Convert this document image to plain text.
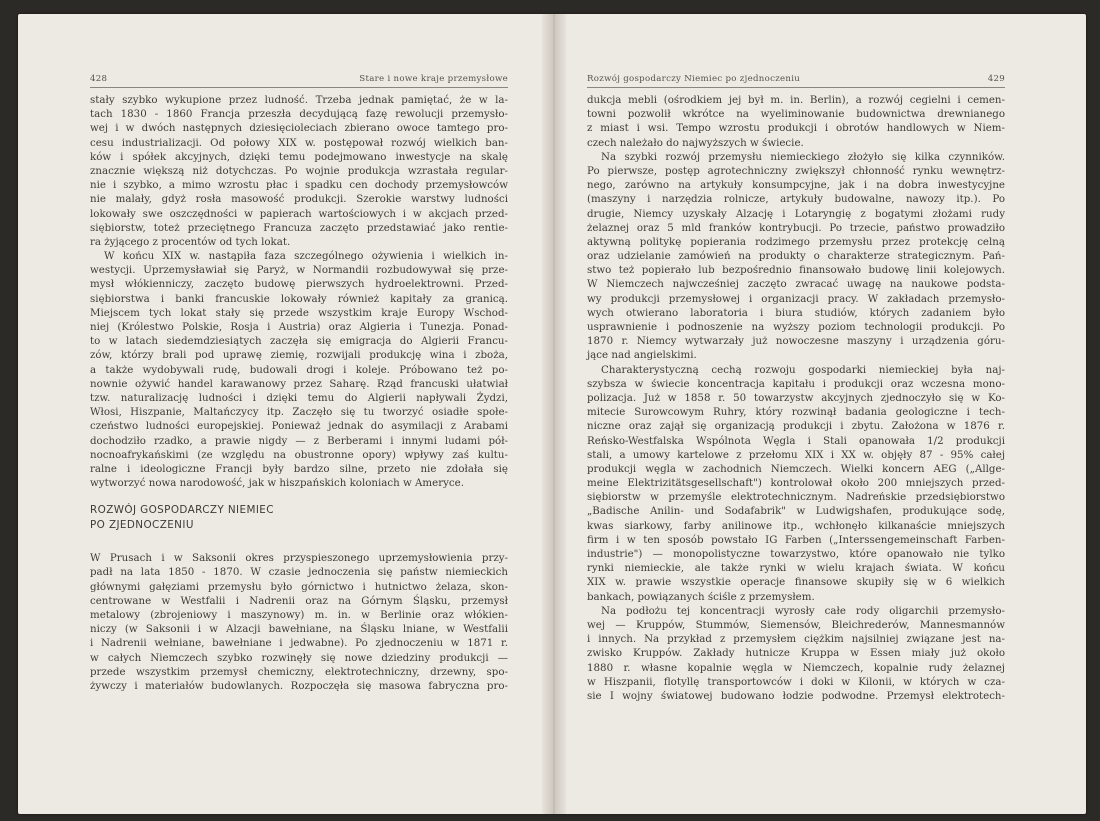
428	Stare i nowe kraje przemysłowe
stały szybko wykupione przez ludność. Trzeba jednak pamiętać, że w la-
tach 1830 - 1860 Francja przeszła decydującą fazę rewolucji przemysło-
wej i w dwóch następnych dziesięcioleciach zbierano owoce tamtego pro-
cesu industrializacji. Od połowy XIX w. postępował rozwój wielkich ban-
ków i spółek akcyjnych, dzięki temu podejmowano inwestycje na skalę
znacznie większą niż dotychczas. Po wojnie produkcja wzrastała regular-
nie i szybko, a mimo wzrostu płac i spadku cen dochody przemysłowców
nie malały, gdyż rosła masowość produkcji. Szerokie warstwy ludności
lokowały swe oszczędności w papierach wartościowych i w akcjach przed-
siębiorstw, toteż przeciętnego Francuza zaczęto przedstawiać jako rentie-
ra żyjącego z procentów od tych lokat.
W końcu XIX w. nastąpiła faza szczególnego ożywienia i wielkich in-
westycji. Uprzemysławiał się Paryż, w Normandii rozbudowywał się prze-
mysł włókienniczy, zaczęto budowę pierwszych hydroelektrowni. Przed-
siębiorstwa i banki francuskie lokowały również kapitały za granicą.
Miejscem tych lokat stały się przede wszystkim kraje Europy Wschod-
niej (Królestwo Polskie, Rosja i Austria) oraz Algieria i Tunezja. Ponad-
to w latach siedemdziesiątych zaczęła się emigracja do Algierii Francu-
zów, którzy brali pod uprawę ziemię, rozwijali produkcję wina i zboża,
a także wydobywali rudę, budowali drogi i koleje. Próbowano też po-
nownie ożywić handel karawanowy przez Saharę. Rząd francuski ułatwiał
tzw. naturalizację ludności i dzięki temu do Algierii napływali Żydzi,
Włosi, Hiszpanie, Maltańczycy itp. Zaczęło się tu tworzyć osiadłe społe-
czeństwo ludności europejskiej. Ponieważ jednak do asymilacji z Arabami
dochodziło rzadko, a prawie nigdy — z Berberami i innymi ludami pół-
nocnoafrykańskimi (ze względu na obustronne opory) wpływy zaś kultu-
ralne i ideologiczne Francji były bardzo silne, przeto nie zdołała się
wytworzyć nowa narodowość, jak w hiszpańskich koloniach w Ameryce.
ROZWÓJ GOSPODARCZY NIEMIEC
PO ZJEDNOCZENIU
W Prusach i w Saksonii okres przyspieszonego uprzemysłowienia przy-
padł na lata 1850 - 1870. W czasie jednoczenia się państw niemieckich
głównymi gałęziami przemysłu było górnictwo i hutnictwo żelaza, skon-
centrowane w Westfalii i Nadrenii oraz na Górnym Śląsku, przemysł
metalowy (zbrojeniowy i maszynowy) m. in. w Berlinie oraz włókien-
niczy (w Saksonii i w Alzacji bawełniane, na Śląsku lniane, w Westfalii
i Nadrenii wełniane, bawełniane i jedwabne). Po zjednoczeniu w 1871 r.
w całych Niemczech szybko rozwinęły się nowe dziedziny produkcji —
przede wszystkim przemysł chemiczny, elektrotechniczny, drzewny, spo-
żywczy i materiałów budowlanych. Rozpoczęła się masowa fabryczna pro-
Rozwój gospodarczy Niemiec po zjednoczeniu	429
dukcja mebli (ośrodkiem jej był m. in. Berlin), a rozwój cegielni i cemen-
towni pozwolił wkrótce na wyeliminowanie budownictwa drewnianego
z miast i wsi. Tempo wzrostu produkcji i obrotów handlowych w Niem-
czech należało do najwyższych w świecie.
Na szybki rozwój przemysłu niemieckiego złożyło się kilka czynników.
Po pierwsze, postęp agrotechniczny zwiększył chłonność rynku wewnętrz-
nego, zarówno na artykuły konsumpcyjne, jak i na dobra inwestycyjne
(maszyny i narzędzia rolnicze, artykuły budowalne, nawozy itp.). Po
drugie, Niemcy uzyskały Alzację i Lotaryngię z bogatymi złożami rudy
żelaznej oraz 5 mld franków kontrybucji. Po trzecie, państwo prowadziło
aktywną politykę popierania rodzimego przemysłu przez protekcję celną
oraz udzielanie zamówień na produkty o charakterze strategicznym. Pań-
stwo też popierało lub bezpośrednio finansowało budowę linii kolejowych.
W Niemczech najwcześniej zaczęto zwracać uwagę na naukowe podsta-
wy produkcji przemysłowej i organizacji pracy. W zakładach przemysło-
wych otwierano laboratoria i biura studiów, których zadaniem było
usprawnienie i podnoszenie na wyższy poziom technologii produkcji. Po
1870 r. Niemcy wytwarzały już nowoczesne maszyny i urządzenia góru-
jące nad angielskimi.
Charakterystyczną cechą rozwoju gospodarki niemieckiej była naj-
szybsza w świecie koncentracja kapitału i produkcji oraz wczesna mono-
polizacja. Już w 1858 r. 50 towarzystw akcyjnych zjednoczyło się w Ko-
mitecie Surowcowym Ruhry, który rozwinął badania geologiczne i tech-
niczne oraz zajął się organizacją produkcji i zbytu. Założona w 1876 r.
Reńsko-Westfalska Wspólnota Węgla i Stali opanowała 1/2 produkcji
stali, a umowy kartelowe z przełomu XIX i XX w. objęły 87 - 95% całej
produkcji węgla w zachodnich Niemczech. Wielki koncern AEG („Allge-
meine Elektrizitätsgesellschaft") kontrolował około 200 mniejszych przed-
siębiorstw w przemyśle elektrotechnicznym. Nadreńskie przedsiębiorstwo
„Badische Anilin- und Sodafabrik" w Ludwigshafen, produkujące sodę,
kwas siarkowy, farby anilinowe itp., wchłonęło kilkanaście mniejszych
firm i w ten sposób powstało IG Farben („Interssengemeinschaft Farben-
industrie") — monopolistyczne towarzystwo, które opanowało nie tylko
rynki niemieckie, ale także rynki w wielu krajach świata. W końcu
XIX w. prawie wszystkie operacje finansowe skupiły się w 6 wielkich
bankach, powiązanych ściśle z przemysłem.
Na podłożu tej koncentracji wyrosły całe rody oligarchii przemysło-
wej — Kruppów, Stummów, Siemensów, Bleichrederów, Mannesmannów
i innych. Na przykład z przemysłem ciężkim najsilniej związane jest na-
zwisko Kruppów. Zakłady hutnicze Kruppa w Essen miały już około
1880 r. własne kopalnie węgla w Niemczech, kopalnie rudy żelaznej
w Hiszpanii, flotyllę transportowców i doki w Kilonii, w których w cza-
sie I wojny światowej budowano łodzie podwodne. Przemysł elektrotech-
